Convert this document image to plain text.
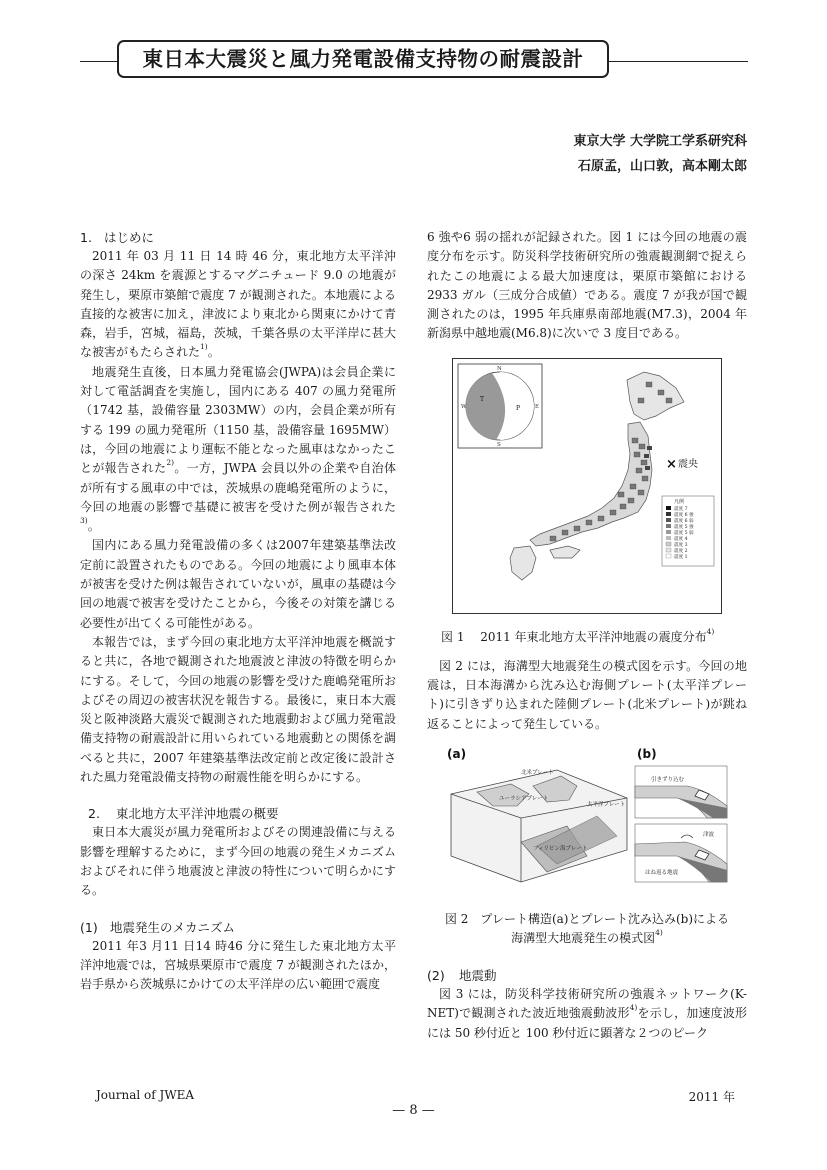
東日本大震災と風力発電設備支持物の耐震設計
東京大学 大学院工学系研究科
石原孟，山口敦，高本剛太郎
1. はじめに

2011 年 03 月 11 日 14 時 46 分，東北地方太平洋沖の深さ 24km を震源とするマグニチュード 9.0 の地震が発生し，栗原市築館で震度 7 が観測された。本地震による直接的な被害に加え，津波により東北から関東にかけて青森，岩手，宮城，福島，茨城，千葉各県の太平洋岸に甚大な被害がもたらされた$^{1)}$。

地震発生直後，日本風力発電協会(JWPA)は会員企業に対して電話調査を実施し，国内にある 407 の風力発電所（1742 基，設備容量 2303MW）の内，会員企業が所有する 199 の風力発電所（1150 基，設備容量 1695MW）は，今回の地震により運転不能となった風車はなかったことが報告された$^{2)}$。一方，JWPA 会員以外の企業や自治体が所有する風車の中では，茨城県の鹿嶋発電所のように，今回の地震の影響で基礎に被害を受けた例が報告された$^{3)}$。

国内にある風力発電設備の多くは2007年建築基準法改定前に設置されたものである。今回の地震により風車本体が被害を受けた例は報告されていないが，風車の基礎は今回の地震で被害を受けたことから，今後その対策を講じる必要性が出てくる可能性がある。

本報告では，まず今回の東北地方太平洋沖地震を概説すると共に，各地で観測された地震波と津波の特徴を明らかにする。そして，今回の地震の影響を受けた鹿嶋発電所およびその周辺の被害状況を報告する。最後に，東日本大震災と阪神淡路大震災で観測された地震動および風力発電設備支持物の耐震設計に用いられている地震動との関係を調べると共に，2007 年建築基準法改定前と改定後に設計された風力発電設備支持物の耐震性能を明らかにする。

2. 東北地方太平洋沖地震の概要

東日本大震災が風力発電所およびその関連設備に与える影響を理解するために，まず今回の地震の発生メカニズムおよびそれに伴う地震波と津波の特性について明らかにする。

(1) 地震発生のメカニズム

2011 年3 月11 日14 時46 分に発生した東北地方太平洋沖地震では，宮城県栗原市で震度 7 が観測されたほか，岩手県から茨城県にかけての太平洋岸の広い範囲で震度

6 強や6 弱の揺れが記録された。図 1 には今回の地震の震度分布を示す。防災科学技術研究所の強震観測網で捉えられたこの地震による最大加速度は，栗原市築館における 2933 ガル（三成分合成値）である。震度 7 が我が国で観測されたのは，1995 年兵庫県南部地震(M7.3)，2004 年新潟県中越地震(M6.8)に次いで 3 度目である。

× 震央
N
T
P
W	E
S
凡例
震度 7
震度 6 強
震度 6 弱
震度 5 強
震度 5 弱
震度 4
震度 3
震度 2
震度 1
図 1　 2011 年東北地方太平洋沖地震の震度分布$^{4)}$

図 2 には，海溝型大地震発生の模式図を示す。今回の地震は，日本海溝から沈み込む海側プレート(太平洋プレート)に引きずり込まれた陸側プレート(北米プレート)が跳ね返ることによって発生している。

(a)	(b)
北米プレート
ユーラシアプレート
太平洋プレート
フィリピン海プレート
引きずり込む
津波
はね返る地震
図 2　プレート構造(a)とプレート沈み込み(b)による
海溝型大地震発生の模式図$^{4)}$
(2) 地震動

図 3 には，防災科学技術研究所の強震ネットワーク(K-NET)で観測された波近地強震動波形$^{4)}$を示し，加速度波形には 50 秒付近と 100 秒付近に顕著な２つのピーク

Journal of JWEA	2011 年
— 8 —
